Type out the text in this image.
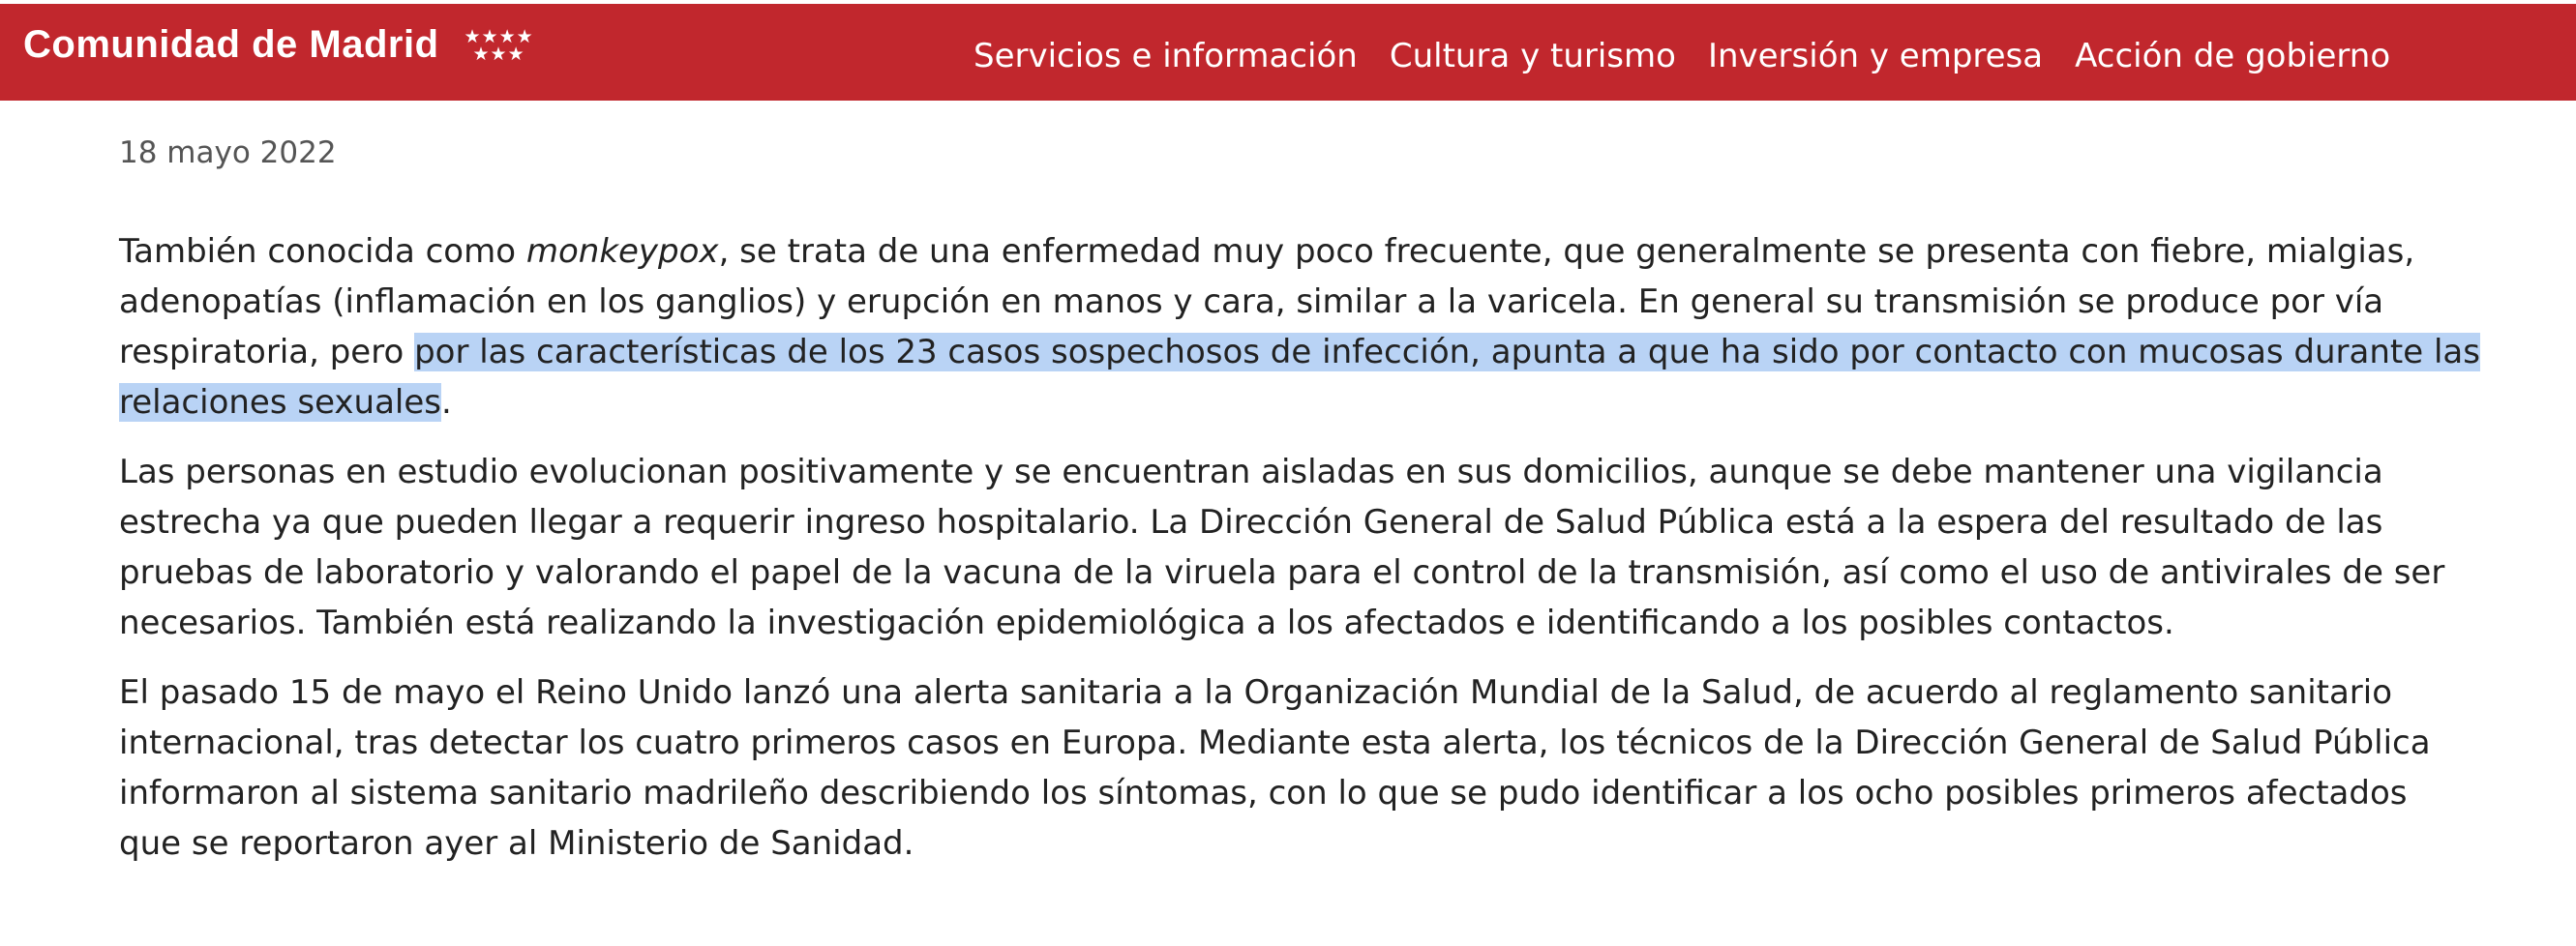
Comunidad de Madrid ★★★★
★★★	Servicios e información Cultura y turismo Inversión y empresa Acción de gobierno

18 mayo 2022

También conocida como monkeypox, se trata de una enfermedad muy poco frecuente, que generalmente se presenta con fiebre, mialgias,
adenopatías (inflamación en los ganglios) y erupción en manos y cara, similar a la varicela. En general su transmisión se produce por vía
respiratoria, pero por las características de los 23 casos sospechosos de infección, apunta a que ha sido por contacto con mucosas durante las
relaciones sexuales.
Las personas en estudio evolucionan positivamente y se encuentran aisladas en sus domicilios, aunque se debe mantener una vigilancia
estrecha ya que pueden llegar a requerir ingreso hospitalario. La Dirección General de Salud Pública está a la espera del resultado de las
pruebas de laboratorio y valorando el papel de la vacuna de la viruela para el control de la transmisión, así como el uso de antivirales de ser
necesarios. También está realizando la investigación epidemiológica a los afectados e identificando a los posibles contactos.
El pasado 15 de mayo el Reino Unido lanzó una alerta sanitaria a la Organización Mundial de la Salud, de acuerdo al reglamento sanitario
internacional, tras detectar los cuatro primeros casos en Europa. Mediante esta alerta, los técnicos de la Dirección General de Salud Pública
informaron al sistema sanitario madrileño describiendo los síntomas, con lo que se pudo identificar a los ocho posibles primeros afectados
que se reportaron ayer al Ministerio de Sanidad.
